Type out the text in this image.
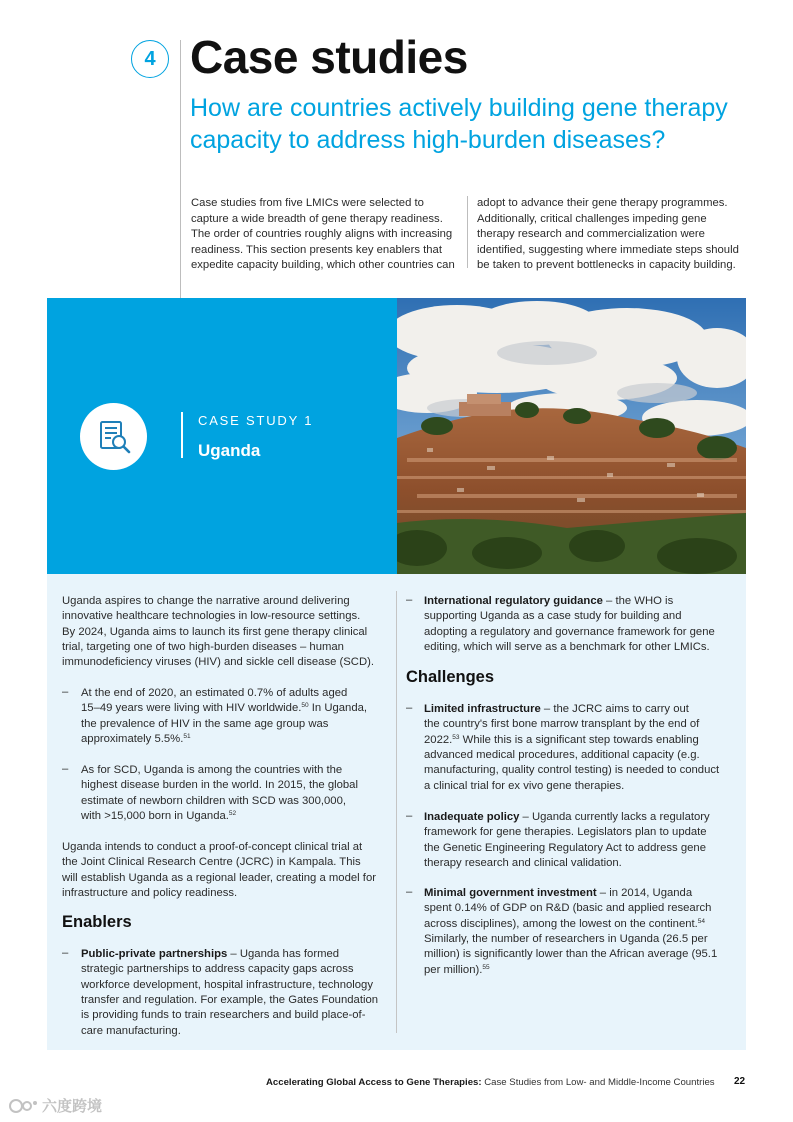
4 Case studies
How are countries actively building gene therapy
capacity to address high-burden diseases?
Case studies from five LMICs were selected to
capture a wide breadth of gene therapy readiness.
The order of countries roughly aligns with increasing
readiness. This section presents key enablers that
expedite capacity building, which other countries can
adopt to advance their gene therapy programmes.
Additionally, critical challenges impeding gene
therapy research and commercialization were
identified, suggesting where immediate steps should
be taken to prevent bottlenecks in capacity building.
CASE STUDY 1
Uganda
Uganda aspires to change the narrative around delivering
innovative healthcare technologies in low-resource settings.
By 2024, Uganda aims to launch its first gene therapy clinical
trial, targeting one of two high-burden diseases – human
immunodeficiency viruses (HIV) and sickle cell disease (SCD).
– At the end of 2020, an estimated 0.7% of adults aged
15–49 years were living with HIV worldwide.$^{50}$ In Uganda,
the prevalence of HIV in the same age group was
approximately 5.5%.$^{51}$
– As for SCD, Uganda is among the countries with the
highest disease burden in the world. In 2015, the global
estimate of newborn children with SCD was 300,000,
with >15,000 born in Uganda.$^{52}$
Uganda intends to conduct a proof-of-concept clinical trial at
the Joint Clinical Research Centre (JCRC) in Kampala. This
will establish Uganda as a regional leader, creating a model for
infrastructure and policy readiness.
Enablers
– Public-private partnerships – Uganda has formed
strategic partnerships to address capacity gaps across
workforce development, hospital infrastructure, technology
transfer and regulation. For example, the Gates Foundation
is providing funds to train researchers and build place-of-
care manufacturing.
– International regulatory guidance – the WHO is
supporting Uganda as a case study for building and
adopting a regulatory and governance framework for gene
editing, which will serve as a benchmark for other LMICs.
Challenges
– Limited infrastructure – the JCRC aims to carry out
the country's first bone marrow transplant by the end of
2022.53 While this is a significant step towards enabling
advanced medical procedures, additional capacity (e.g.
manufacturing, quality control testing) is needed to conduct
a clinical trial for ex vivo gene therapies.
– Inadequate policy – Uganda currently lacks a regulatory
framework for gene therapies. Legislators plan to update
the Genetic Engineering Regulatory Act to address gene
therapy research and clinical validation.
– Minimal government investment – in 2014, Uganda
spent 0.14% of GDP on R&D (basic and applied research
across disciplines), among the lowest on the continent.$^{54}$
Similarly, the number of researchers in Uganda (26.5 per
million) is significantly lower than the African average (95.1
per million).$^{55}$
Accelerating Global Access to Gene Therapies: Case Studies from Low- and Middle-Income Countries 22
六度跨境
